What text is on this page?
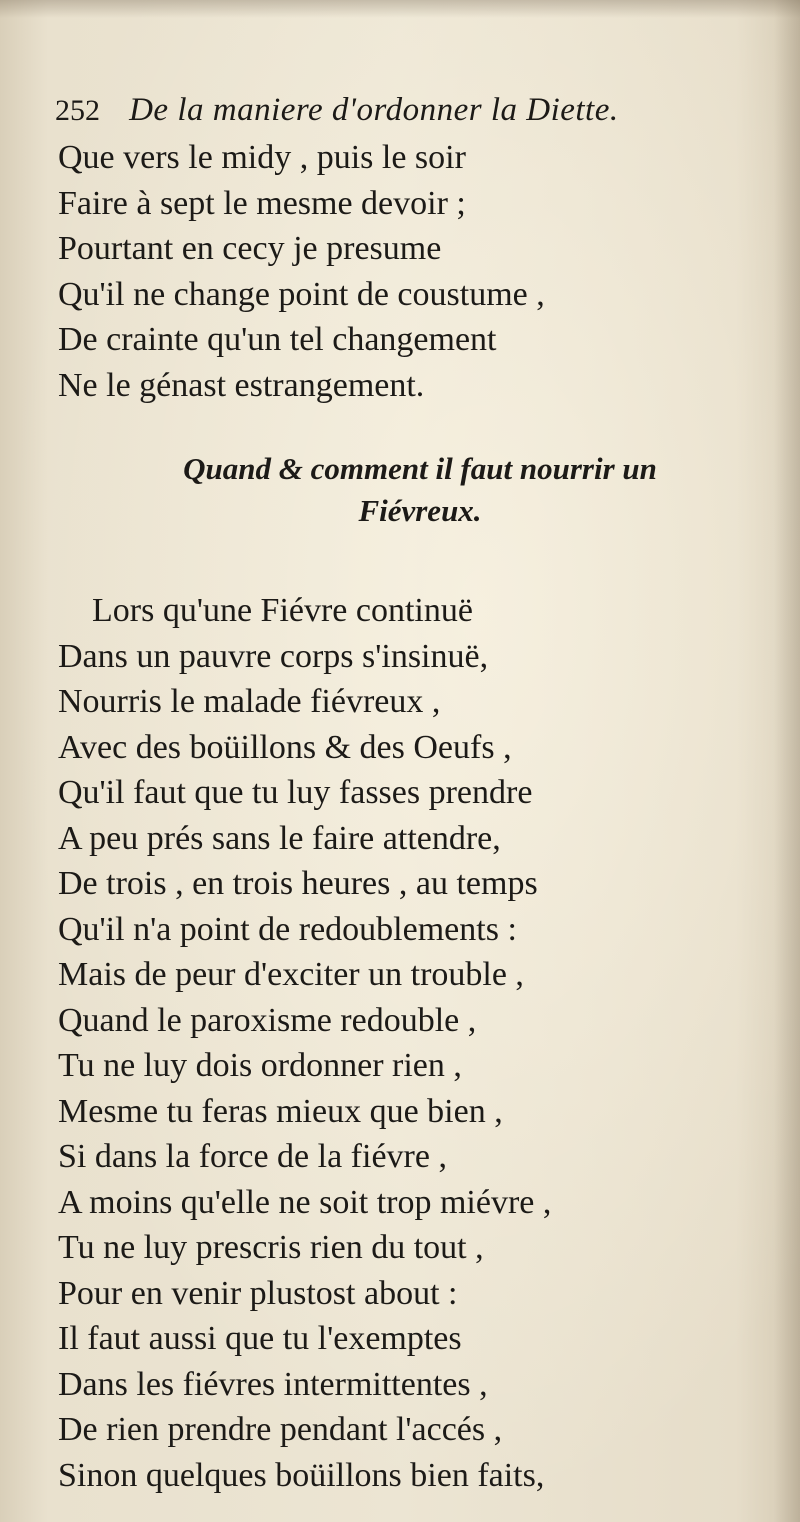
252 De la maniere d'ordonner la Diette.
Que vers le midy , puis le soir
Faire à sept le mesme devoir ;
Pourtant en cecy je presume
Qu'il ne change point de coustume ,
De crainte qu'un tel changement
Ne le génast estrangement.
Quand & comment il faut nourrir un
Fiévreux.
Lors qu'une Fiévre continuë
Dans un pauvre corps s'insinuë,
Nourris le malade fiévreux ,
Avec des boüillons & des Oeufs ,
Qu'il faut que tu luy fasses prendre
A peu prés sans le faire attendre,
De trois , en trois heures , au temps
Qu'il n'a point de redoublements :
Mais de peur d'exciter un trouble ,
Quand le paroxisme redouble ,
Tu ne luy dois ordonner rien ,
Mesme tu feras mieux que bien ,
Si dans la force de la fiévre ,
A moins qu'elle ne soit trop miévre ,
Tu ne luy prescris rien du tout ,
Pour en venir plustost about :
Il faut aussi que tu l'exemptes
Dans les fiévres intermittentes ,
De rien prendre pendant l'accés ,
Sinon quelques boüillons bien faits,
